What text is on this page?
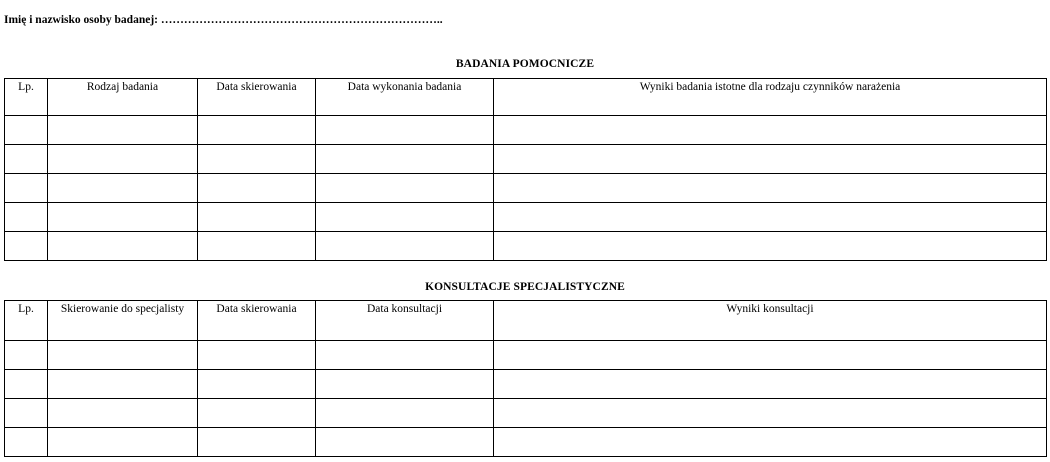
Imię i nazwisko osoby badanej: ………………………………………………………………..
BADANIA POMOCNICZE
Lp.	Rodzaj badania	Data skierowania	Data wykonania badania	Wyniki badania istotne dla rodzaju czynników narażenia

KONSULTACJE SPECJALISTYCZNE
Lp.	Skierowanie do specjalisty	Data skierowania	Data konsultacji	Wyniki konsultacji
